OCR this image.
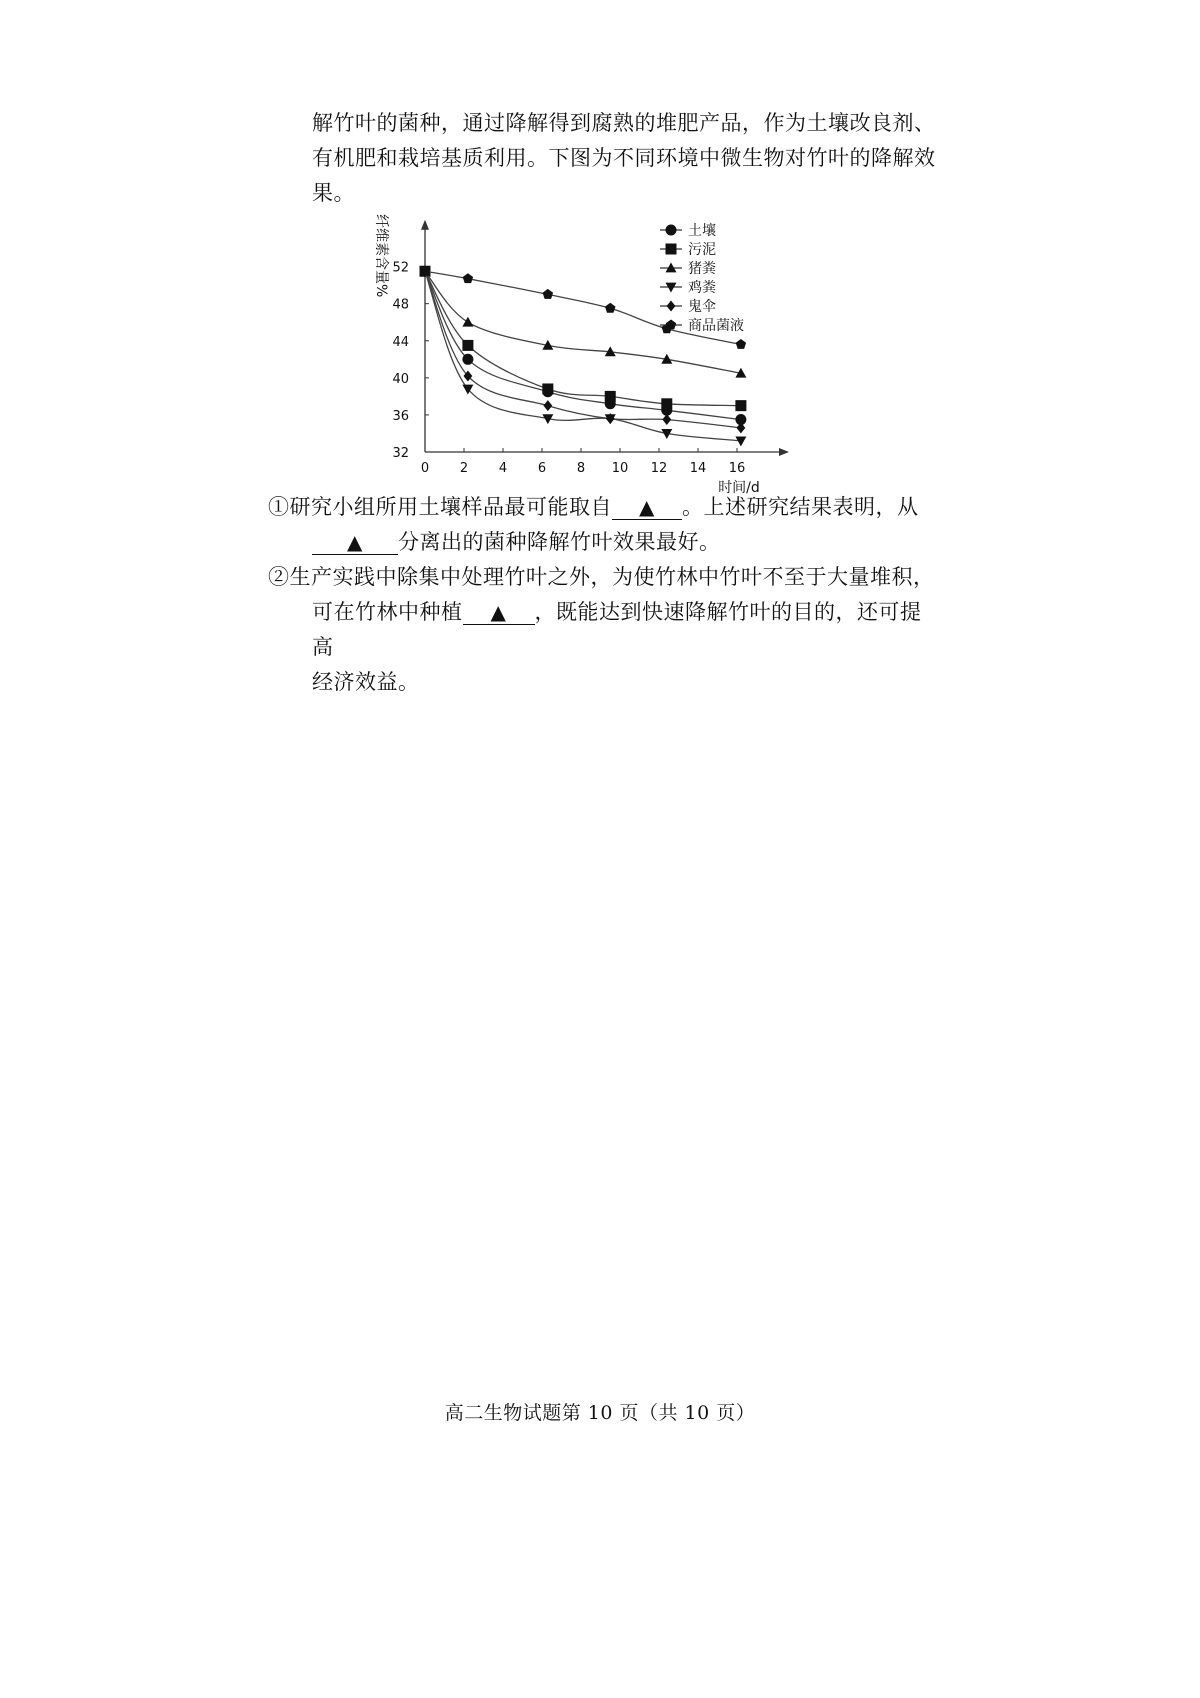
解竹叶的菌种，通过降解得到腐熟的堆肥产品，作为土壤改良剂、
有机肥和栽培基质利用。下图为不同环境中微生物对竹叶的降解效
果。
0 2 4 6 8 10 12 14 16
32
36
40
44
48
52
纤维素含量%
时间/d
土壤
污泥
猪粪
鸡粪
鬼伞
商品菌液
①研究小组所用土壤样品最可能取自 ▲ 。上述研究结果表明，从
▲ 分离出的菌种降解竹叶效果最好。
②生产实践中除集中处理竹叶之外，为使竹林中竹叶不至于大量堆积，
可在竹林中种植 ▲ ，既能达到快速降解竹叶的目的，还可提高
经济效益。
高二生物试题第 10 页（共 10 页）
